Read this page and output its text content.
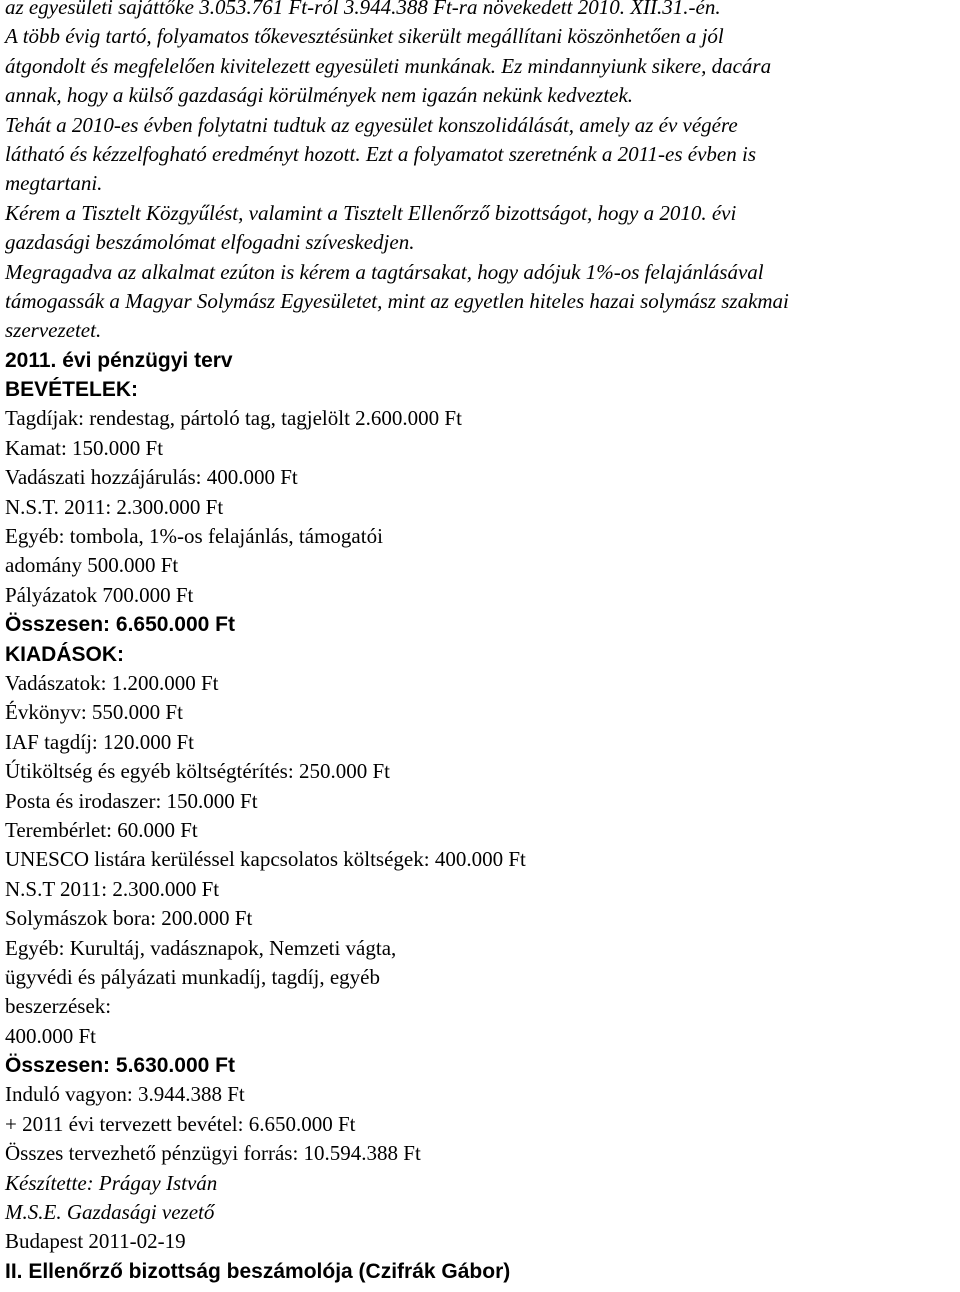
az egyesületi sajáttőke 3.053.761 Ft-ról 3.944.388 Ft-ra növekedett 2010. XII.31.-én.
A több évig tartó, folyamatos tőkevesztésünket sikerült megállítani köszönhetően a jól
átgondolt és megfelelően kivitelezett egyesületi munkának. Ez mindannyiunk sikere, dacára
annak, hogy a külső gazdasági körülmények nem igazán nekünk kedveztek.
Tehát a 2010-es évben folytatni tudtuk az egyesület konszolidálását, amely az év végére
látható és kézzelfogható eredményt hozott. Ezt a folyamatot szeretnénk a 2011-es évben is
megtartani.
Kérem a Tisztelt Közgyűlést, valamint a Tisztelt Ellenőrző bizottságot, hogy a 2010. évi
gazdasági beszámolómat elfogadni szíveskedjen.
Megragadva az alkalmat ezúton is kérem a tagtársakat, hogy adójuk 1%-os felajánlásával
támogassák a Magyar Solymász Egyesületet, mint az egyetlen hiteles hazai solymász szakmai
szervezetet.
2011. évi pénzügyi terv
BEVÉTELEK:
Tagdíjak: rendestag, pártoló tag, tagjelölt 2.600.000 Ft
Kamat: 150.000 Ft
Vadászati hozzájárulás: 400.000 Ft
N.S.T. 2011: 2.300.000 Ft
Egyéb: tombola, 1%-os felajánlás, támogatói
adomány 500.000 Ft
Pályázatok 700.000 Ft
Összesen: 6.650.000 Ft
KIADÁSOK:
Vadászatok: 1.200.000 Ft
Évkönyv: 550.000 Ft
IAF tagdíj: 120.000 Ft
Útiköltség és egyéb költségtérítés: 250.000 Ft
Posta és irodaszer: 150.000 Ft
Terembérlet: 60.000 Ft
UNESCO listára kerüléssel kapcsolatos költségek: 400.000 Ft
N.S.T 2011: 2.300.000 Ft
Solymászok bora: 200.000 Ft
Egyéb: Kurultáj, vadásznapok, Nemzeti vágta,
ügyvédi és pályázati munkadíj, tagdíj, egyéb
beszerzések:
400.000 Ft
Összesen: 5.630.000 Ft
Induló vagyon: 3.944.388 Ft
+ 2011 évi tervezett bevétel: 6.650.000 Ft
Összes tervezhető pénzügyi forrás: 10.594.388 Ft
Készítette: Prágay István
M.S.E. Gazdasági vezető
Budapest 2011-02-19
II. Ellenőrző bizottság beszámolója (Czifrák Gábor)
